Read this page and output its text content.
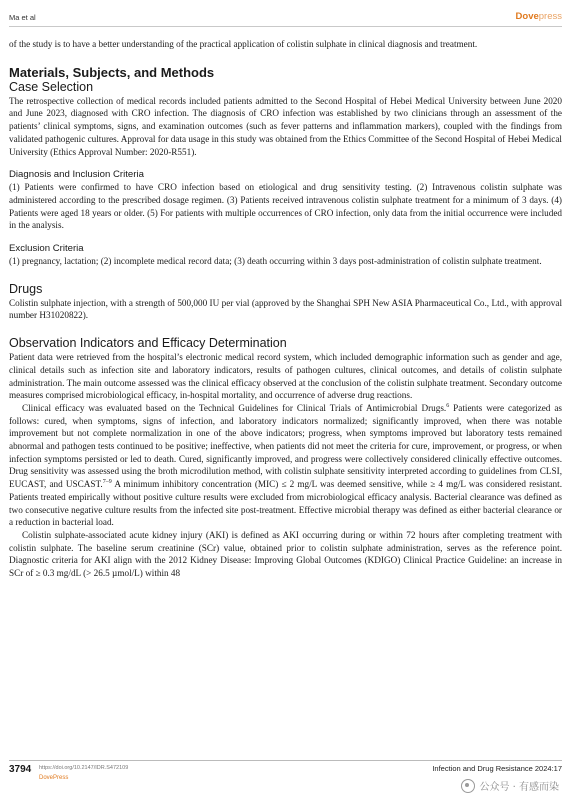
Ma et al	Dovepress

of the study is to have a better understanding of the practical application of colistin sulphate in clinical diagnosis and treatment.

Materials, Subjects, and Methods
Case Selection

The retrospective collection of medical records included patients admitted to the Second Hospital of Hebei Medical University between June 2020 and June 2023, diagnosed with CRO infection. The diagnosis of CRO infection was established by two clinicians through an assessment of the patients’ clinical symptoms, signs, and examination outcomes (such as fever patterns and inflammation markers), coupled with the findings from validated pathogenic cultures. Approval for data usage in this study was obtained from the Ethics Committee of the Second Hospital of Hebei Medical University (Ethics Approval Number: 2020-R551).

Diagnosis and Inclusion Criteria

(1) Patients were confirmed to have CRO infection based on etiological and drug sensitivity testing. (2) Intravenous colistin sulphate was administered according to the prescribed dosage regimen. (3) Patients received intravenous colistin sulphate treatment for a minimum of 3 days. (4) Patients were aged 18 years or older. (5) For patients with multiple occurrences of CRO infection, only data from the initial occurrence were included in the analysis.

Exclusion Criteria

(1) pregnancy, lactation; (2) incomplete medical record data; (3) death occurring within 3 days post-administration of colistin sulphate treatment.

Drugs

Colistin sulphate injection, with a strength of 500,000 IU per vial (approved by the Shanghai SPH New ASIA Pharmaceutical Co., Ltd., with approval number H31020822).

Observation Indicators and Efficacy Determination

Patient data were retrieved from the hospital’s electronic medical record system, which included demographic information such as gender and age, clinical details such as infection site and laboratory indicators, results of pathogen cultures, clinical outcomes, and details of colistin sulphate administration. The main outcome assessed was the clinical efficacy observed at the conclusion of the colistin sulphate treatment. Secondary outcome measures comprised microbiological efficacy, in-hospital mortality, and occurrence of adverse drug reactions.

Clinical efficacy was evaluated based on the Technical Guidelines for Clinical Trials of Antimicrobial Drugs.$^6$ Patients were categorized as follows: cured, when symptoms, signs of infection, and laboratory indicators normalized; significantly improved, when there was notable improvement but not complete normalization in one of the above indicators; progress, when symptoms improved but laboratory tests remained abnormal and pathogen tests continued to be positive; ineffective, when patients did not meet the criteria for cure, improvement, or progress, or when infection symptoms persisted or led to death. Cured, significantly improved, and progress were collectively considered clinically effective outcomes. Drug sensitivity was assessed using the broth microdilution method, with colistin sulphate sensitivity interpreted according to guidelines from CLSI, EUCAST, and USCAST.$^{7-9}$ A minimum inhibitory concentration (MIC) ≤ 2 mg/L was deemed sensitive, while ≥ 4 mg/L was considered resistant. Patients treated empirically without positive culture results were excluded from microbiological efficacy analysis. Bacterial clearance was defined as two consecutive negative culture results from the infected site post-treatment. Effective microbial therapy was defined as either bacterial clearance or a reduction in bacterial load.

Colistin sulphate-associated acute kidney injury (AKI) is defined as AKI occurring during or within 72 hours after completing treatment with colistin sulphate. The baseline serum creatinine (SCr) value, obtained prior to colistin sulphate administration, serves as the reference point. Diagnostic criteria for AKI align with the 2012 Kidney Disease: Improving Global Outcomes (KDIGO) Clinical Practice Guideline: an increase in SCr of ≥ 0.3 mg/dL (> 26.5 µmol/L) within 48

3794 https://doi.org/10.2147/IDR.S472109
DovePress
Infection and Drug Resistance 2024:17
公众号 · 有感而染
